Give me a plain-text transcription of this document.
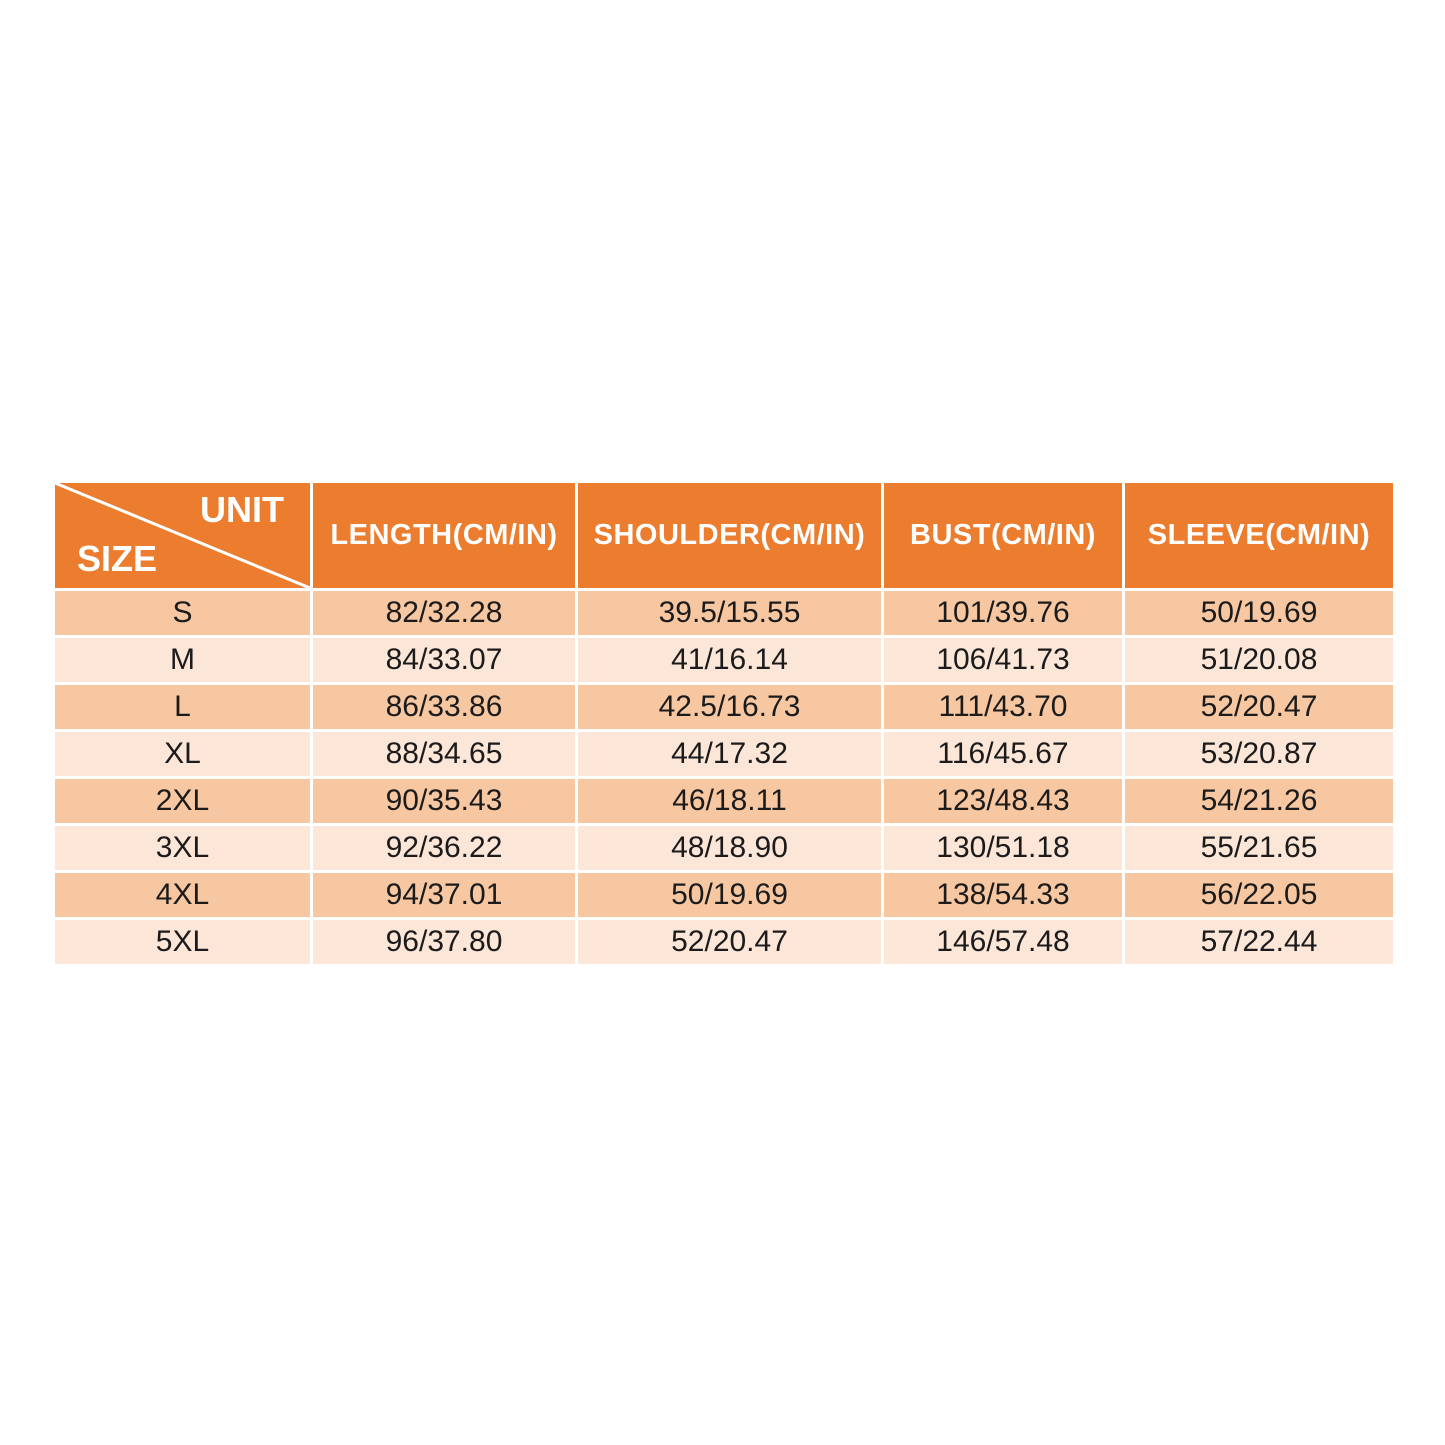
UNIT
SIZE
LENGTH(CM/IN)	SHOULDER(CM/IN)	BUST(CM/IN)	SLEEVE(CM/IN)
S	82/32.28	39.5/15.55	101/39.76	50/19.69
M	84/33.07	41/16.14	106/41.73	51/20.08
L	86/33.86	42.5/16.73	111/43.70	52/20.47
XL	88/34.65	44/17.32	116/45.67	53/20.87
2XL	90/35.43	46/18.11	123/48.43	54/21.26
3XL	92/36.22	48/18.90	130/51.18	55/21.65
4XL	94/37.01	50/19.69	138/54.33	56/22.05
5XL	96/37.80	52/20.47	146/57.48	57/22.44
